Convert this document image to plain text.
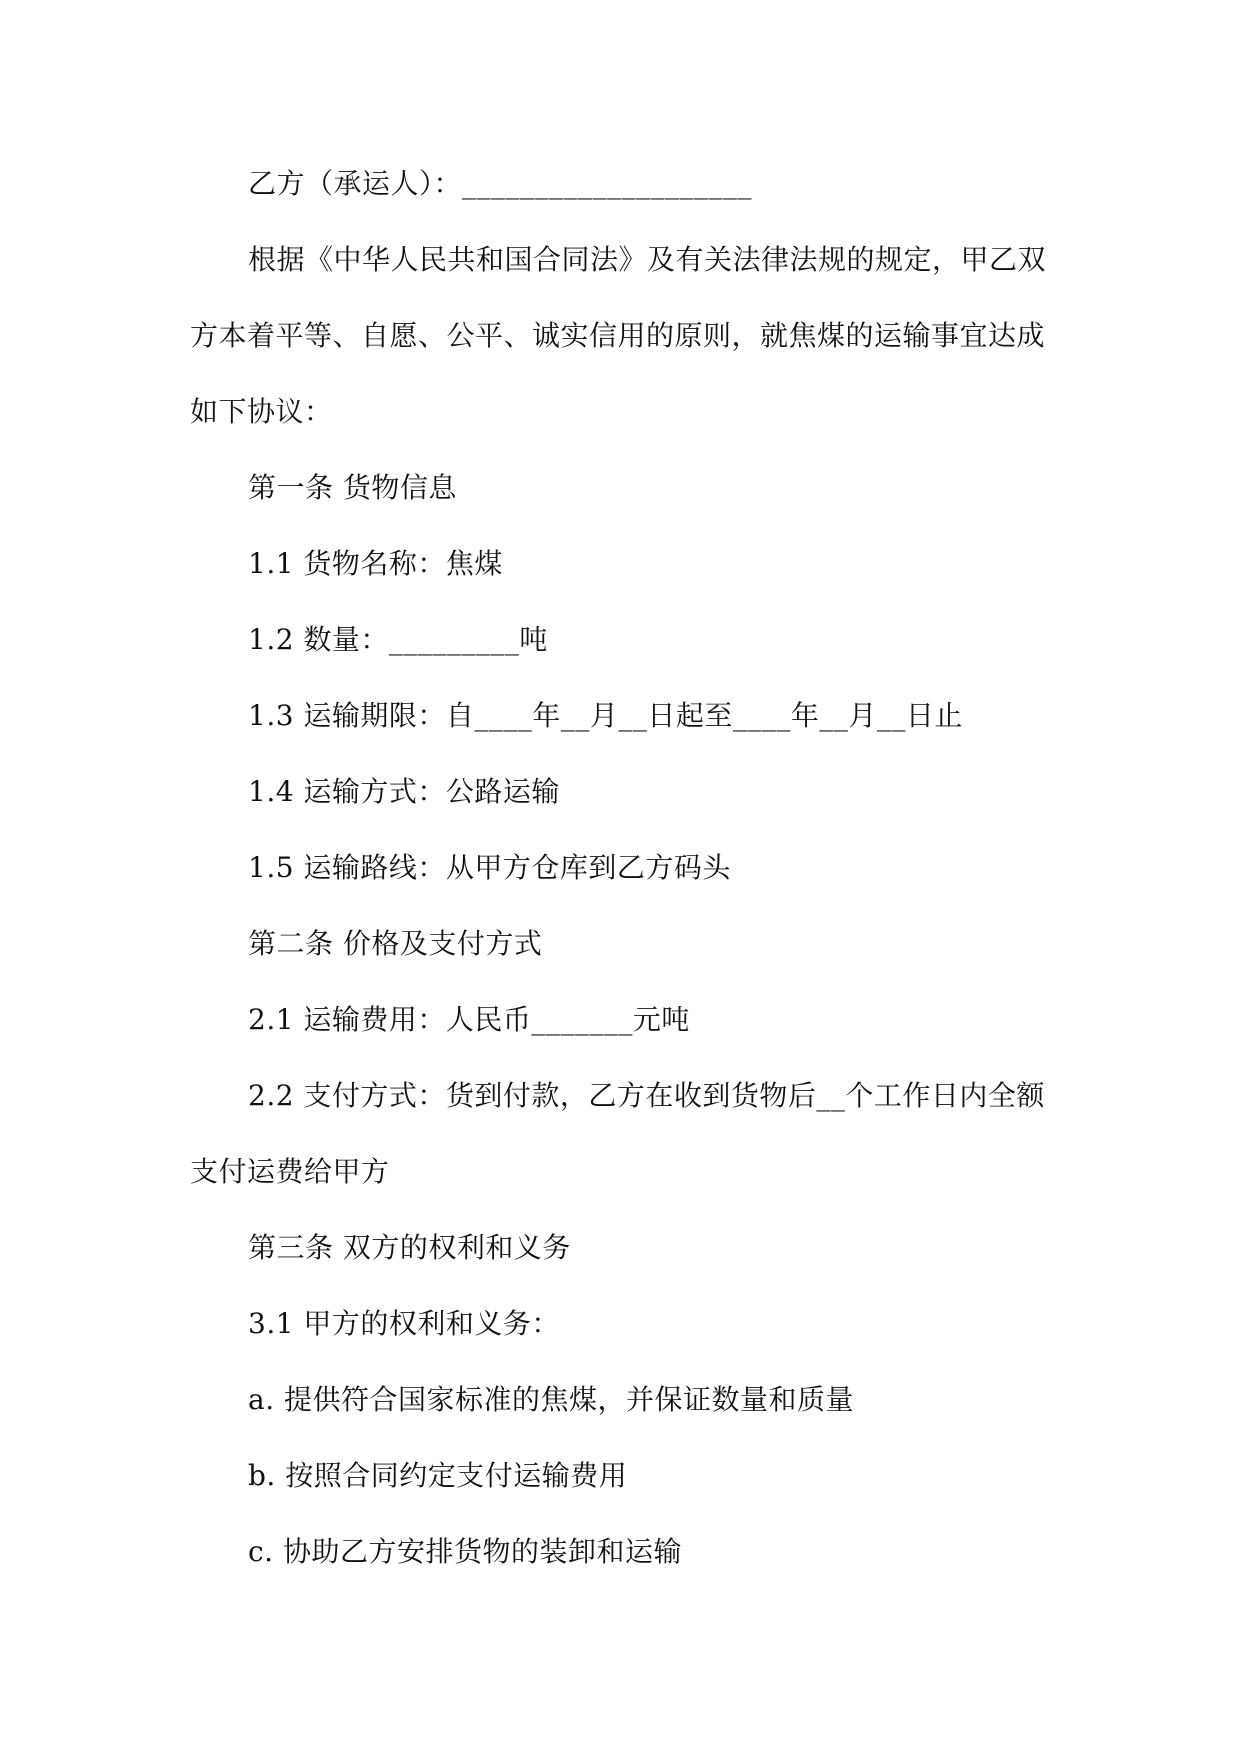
乙方（承运人）：____________________

根据《中华人民共和国合同法》及有关法律法规的规定，甲乙双方本着平等、自愿、公平、诚实信用的原则，就焦煤的运输事宜达成如下协议：

第一条 货物信息

1.1 货物名称：焦煤

1.2 数量：_________吨

1.3 运输期限：自____年__月__日起至____年__月__日止

1.4 运输方式：公路运输

1.5 运输路线：从甲方仓库到乙方码头

第二条 价格及支付方式

2.1 运输费用：人民币_______元吨

2.2 支付方式：货到付款，乙方在收到货物后__个工作日内全额支付运费给甲方

第三条 双方的权利和义务

3.1 甲方的权利和义务：

a. 提供符合国家标准的焦煤，并保证数量和质量

b. 按照合同约定支付运输费用

c. 协助乙方安排货物的装卸和运输
